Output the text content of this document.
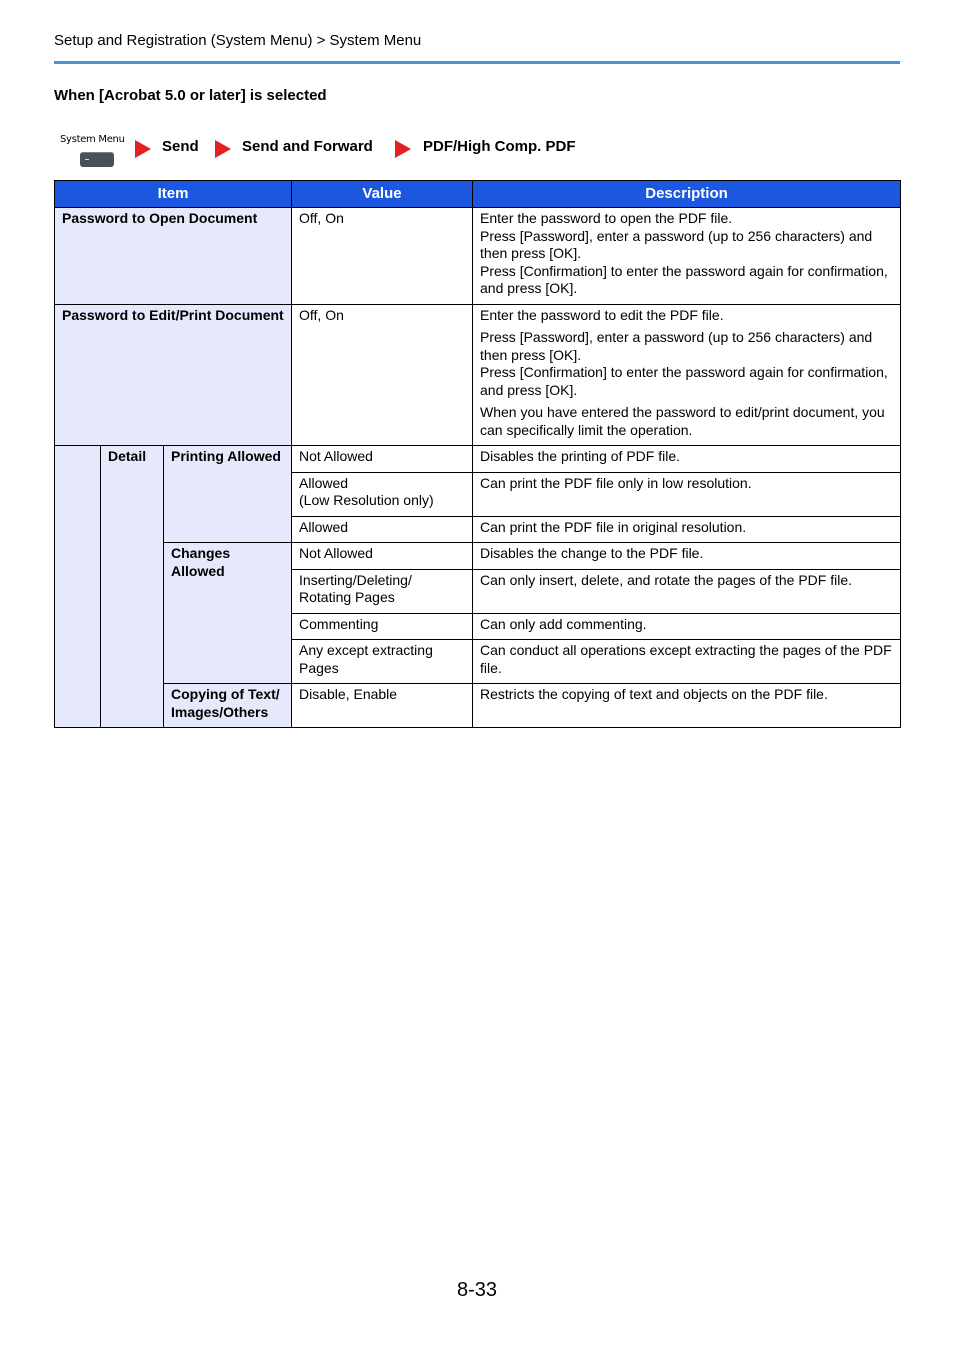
Setup and Registration (System Menu) > System Menu
When [Acrobat 5.0 or later] is selected
System Menu Send	Send and Forward	PDF/High Comp. PDF
Item			Value	Description
Password to Open Document			Off, On	Enter the password to open the PDF file.

Press [Password], enter a password (up to 256 characters) and then press [OK].

Press [Confirmation] to enter the password again for confirmation, and press [OK].

Password to Edit/Print Document			Off, On	Enter the password to edit the PDF file.

Press [Password], enter a password (up to 256 characters) and then press [OK].

Press [Confirmation] to enter the password again for confirmation, and press [OK].

When you have entered the password to edit/print document, you can specifically limit the operation.

	Detail	Printing Allowed	Not Allowed	Disables the printing of PDF file.

			Allowed
(Low Resolution only)	Can print the PDF file only in low resolution.
			Allowed	Can print the PDF file in original resolution.
		Changes Allowed	Not Allowed	Disables the change to the PDF file.
			Inserting/Deleting/ Rotating Pages	Can only insert, delete, and rotate the pages of the PDF file.
			Commenting	Can only add commenting.
			Any except extracting Pages	Can conduct all operations except extracting the pages of the PDF file.
		Copying of Text/ Images/Others	Disable, Enable	Restricts the copying of text and objects on the PDF file.
8-33
